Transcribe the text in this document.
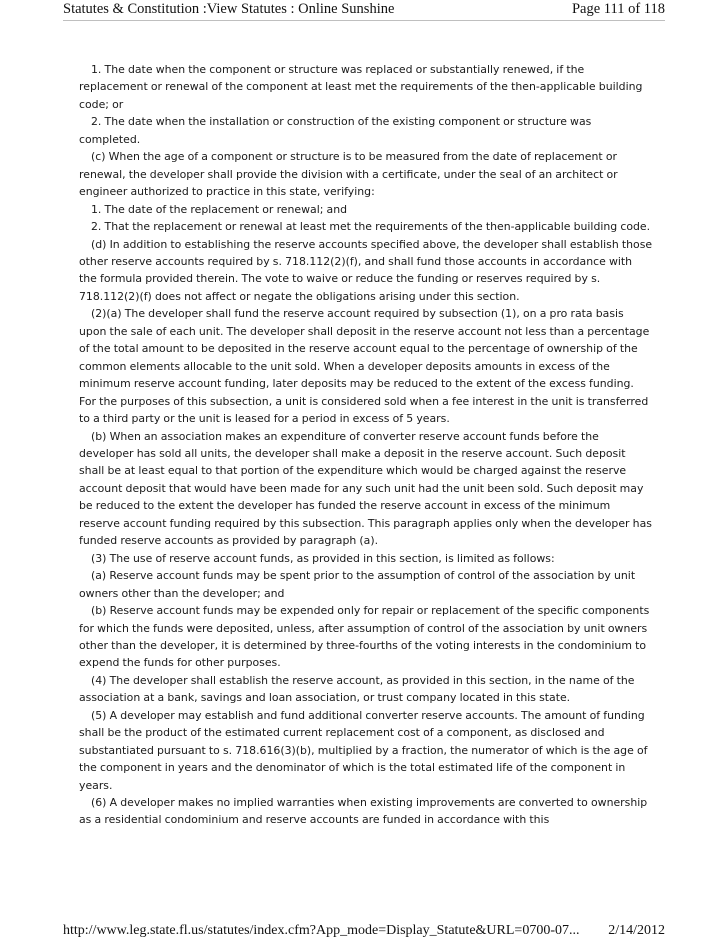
Statutes & Constitution :View Statutes : Online Sunshine	Page 111 of 118

1. The date when the component or structure was replaced or substantially renewed, if the replacement or renewal of the component at least met the requirements of the then-applicable building code; or

2. The date when the installation or construction of the existing component or structure was completed.

(c) When the age of a component or structure is to be measured from the date of replacement or renewal, the developer shall provide the division with a certificate, under the seal of an architect or engineer authorized to practice in this state, verifying:

1. The date of the replacement or renewal; and

2. That the replacement or renewal at least met the requirements of the then-applicable building code.

(d) In addition to establishing the reserve accounts specified above, the developer shall establish those other reserve accounts required by s. 718.112(2)(f), and shall fund those accounts in accordance with the formula provided therein. The vote to waive or reduce the funding or reserves required by s. 718.112(2)(f) does not affect or negate the obligations arising under this section.

(2)(a) The developer shall fund the reserve account required by subsection (1), on a pro rata basis upon the sale of each unit. The developer shall deposit in the reserve account not less than a percentage of the total amount to be deposited in the reserve account equal to the percentage of ownership of the common elements allocable to the unit sold. When a developer deposits amounts in excess of the minimum reserve account funding, later deposits may be reduced to the extent of the excess funding. For the purposes of this subsection, a unit is considered sold when a fee interest in the unit is transferred to a third party or the unit is leased for a period in excess of 5 years.

(b) When an association makes an expenditure of converter reserve account funds before the developer has sold all units, the developer shall make a deposit in the reserve account. Such deposit shall be at least equal to that portion of the expenditure which would be charged against the reserve account deposit that would have been made for any such unit had the unit been sold. Such deposit may be reduced to the extent the developer has funded the reserve account in excess of the minimum reserve account funding required by this subsection. This paragraph applies only when the developer has funded reserve accounts as provided by paragraph (a).

(3) The use of reserve account funds, as provided in this section, is limited as follows:

(a) Reserve account funds may be spent prior to the assumption of control of the association by unit owners other than the developer; and

(b) Reserve account funds may be expended only for repair or replacement of the specific components for which the funds were deposited, unless, after assumption of control of the association by unit owners other than the developer, it is determined by three-fourths of the voting interests in the condominium to expend the funds for other purposes.

(4) The developer shall establish the reserve account, as provided in this section, in the name of the association at a bank, savings and loan association, or trust company located in this state.

(5) A developer may establish and fund additional converter reserve accounts. The amount of funding shall be the product of the estimated current replacement cost of a component, as disclosed and substantiated pursuant to s. 718.616(3)(b), multiplied by a fraction, the numerator of which is the age of the component in years and the denominator of which is the total estimated life of the component in years.

(6) A developer makes no implied warranties when existing improvements are converted to ownership as a residential condominium and reserve accounts are funded in accordance with this

http://www.leg.state.fl.us/statutes/index.cfm?App_mode=Display_Statute&URL=0700-07... 2/14/2012
